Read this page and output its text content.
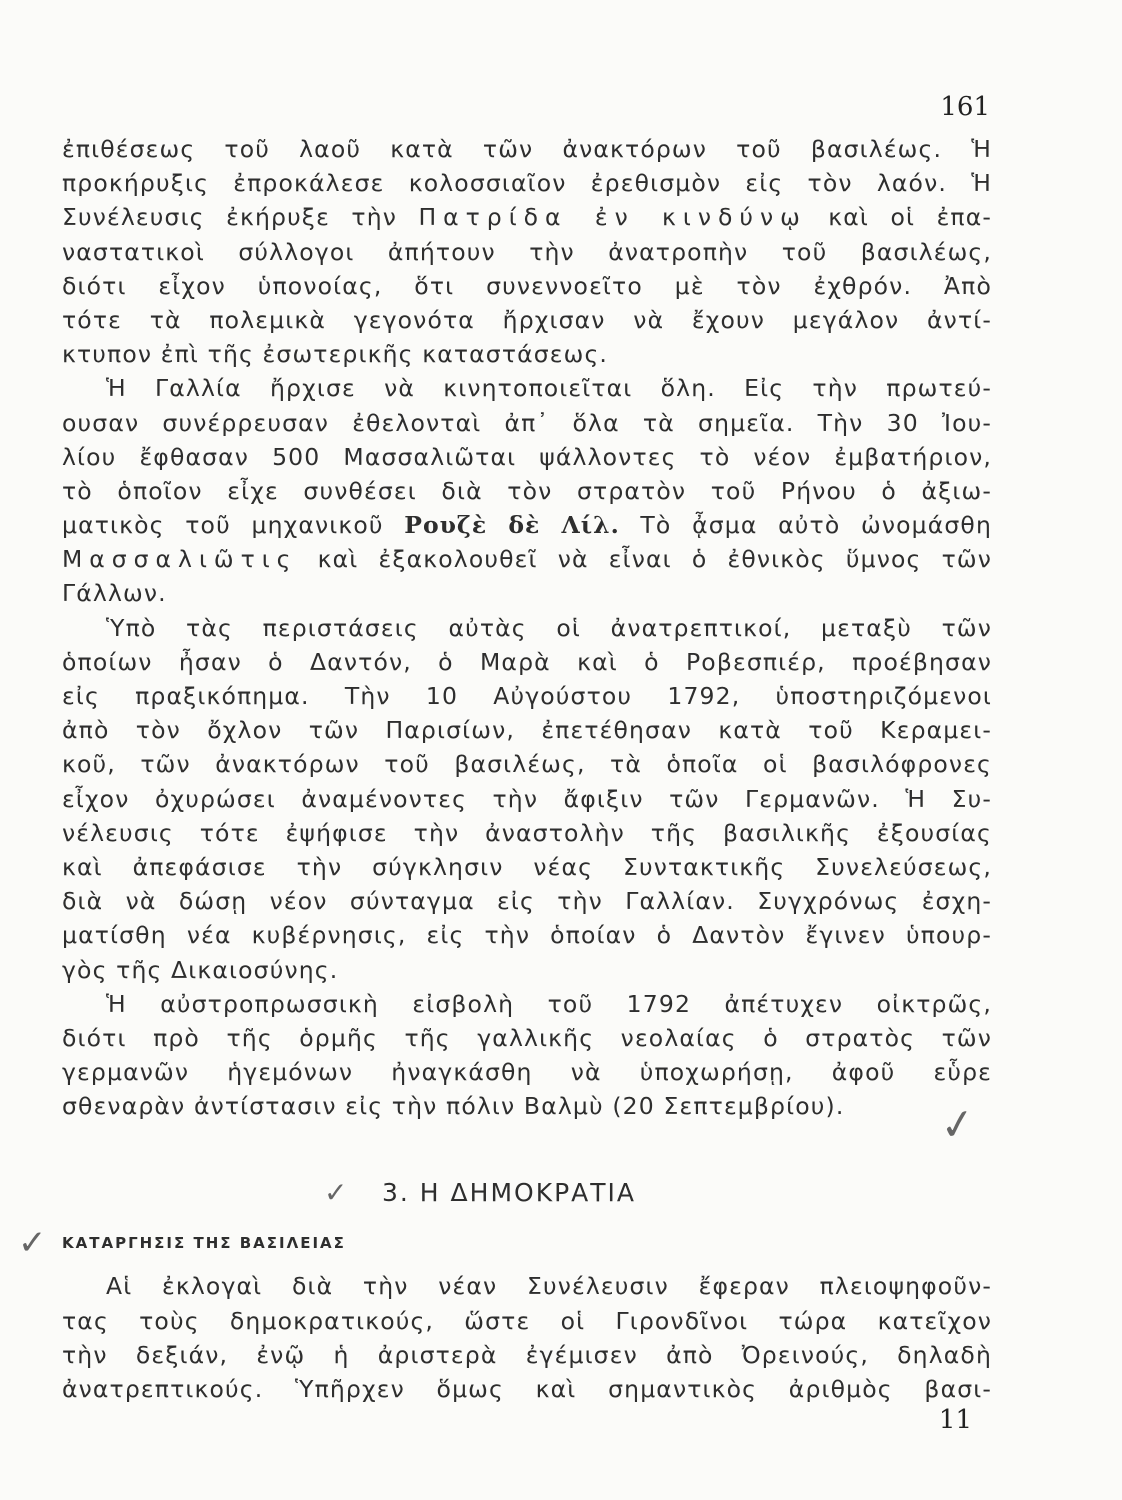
161
ἐπιθέσεως τοῦ λαοῦ κατὰ τῶν ἀνακτόρων τοῦ βασιλέως. Ἡ
προκήρυξις ἐπροκάλεσε κολοσσιαῖον ἐρεθισμὸν εἰς τὸν λαόν. Ἡ
Συνέλευσις ἐκήρυξε τὴν Πατρίδα ἐν κινδύνῳ καὶ οἱ ἐπα-
ναστατικοὶ σύλλογοι ἀπήτουν τὴν ἀνατροπὴν τοῦ βασιλέως,
διότι εἶχον ὑπονοίας, ὅτι συνεννοεῖτο μὲ τὸν ἐχθρόν. Ἀπὸ
τότε τὰ πολεμικὰ γεγονότα ἤρχισαν νὰ ἔχουν μεγάλον ἀντί-
κτυπον ἐπὶ τῆς ἐσωτερικῆς καταστάσεως.
Ἡ Γαλλία ἤρχισε νὰ κινητοποιεῖται ὅλη. Εἰς τὴν πρωτεύ-
ουσαν συνέρρευσαν ἐθελονταὶ ἀπ᾽ ὅλα τὰ σημεῖα. Τὴν 30 Ἰου-
λίου ἔφθασαν 500 Μασσαλιῶται ψάλλοντες τὸ νέον ἐμβατήριον,
τὸ ὁποῖον εἶχε συνθέσει διὰ τὸν στρατὸν τοῦ Ρήνου ὁ ἀξιω-
ματικὸς τοῦ μηχανικοῦ Ρουζὲ δὲ Λίλ. Τὸ ᾆσμα αὐτὸ ὠνομάσθη
Μασσαλιῶτις καὶ ἐξακολουθεῖ νὰ εἶναι ὁ ἐθνικὸς ὕμνος τῶν
Γάλλων.
Ὑπὸ τὰς περιστάσεις αὐτὰς οἱ ἀνατρεπτικοί, μεταξὺ τῶν
ὁποίων ἦσαν ὁ Δαντόν, ὁ Μαρὰ καὶ ὁ Ροβεσπιέρ, προέβησαν
εἰς πραξικόπημα. Τὴν 10 Αὐγούστου 1792, ὑποστηριζόμενοι
ἀπὸ τὸν ὄχλον τῶν Παρισίων, ἐπετέθησαν κατὰ τοῦ Κεραμει-
κοῦ, τῶν ἀνακτόρων τοῦ βασιλέως, τὰ ὁποῖα οἱ βασιλόφρονες
εἶχον ὀχυρώσει ἀναμένοντες τὴν ἄφιξιν τῶν Γερμανῶν. Ἡ Συ-
νέλευσις τότε ἐψήφισε τὴν ἀναστολὴν τῆς βασιλικῆς ἐξουσίας
καὶ ἀπεφάσισε τὴν σύγκλησιν νέας Συντακτικῆς Συνελεύσεως,
διὰ νὰ δώσῃ νέον σύνταγμα εἰς τὴν Γαλλίαν. Συγχρόνως ἐσχη-
ματίσθη νέα κυβέρνησις, εἰς τὴν ὁποίαν ὁ Δαντὸν ἔγινεν ὑπουρ-
γὸς τῆς Δικαιοσύνης.
Ἡ αὐστροπρωσσικὴ εἰσβολὴ τοῦ 1792 ἀπέτυχεν οἰκτρῶς,
διότι πρὸ τῆς ὁρμῆς τῆς γαλλικῆς νεολαίας ὁ στρατὸς τῶν
γερμανῶν ἡγεμόνων ἠναγκάσθη νὰ ὑποχωρήσῃ, ἀφοῦ εὗρε
σθεναρὰν ἀντίστασιν εἰς τὴν πόλιν Βαλμὺ (20 Σεπτεμβρίου).
✓ 3. Η ΔΗΜΟΚΡΑΤΙΑ
✓ ΚΑΤΑΡΓΗΣΙΣ ΤΗΣ ΒΑΣΙΛΕΙΑΣ
Αἱ ἐκλογαὶ διὰ τὴν νέαν Συνέλευσιν ἔφεραν πλειοψηφοῦν-
τας τοὺς δημοκρατικούς, ὥστε οἱ Γιρονδῖνοι τώρα κατεῖχον
τὴν δεξιάν, ἐνῷ ἡ ἀριστερὰ ἐγέμισεν ἀπὸ Ὀρεινούς, δηλαδὴ
ἀνατρεπτικούς. Ὑπῆρχεν ὅμως καὶ σημαντικὸς ἀριθμὸς βασι-
✓
11
